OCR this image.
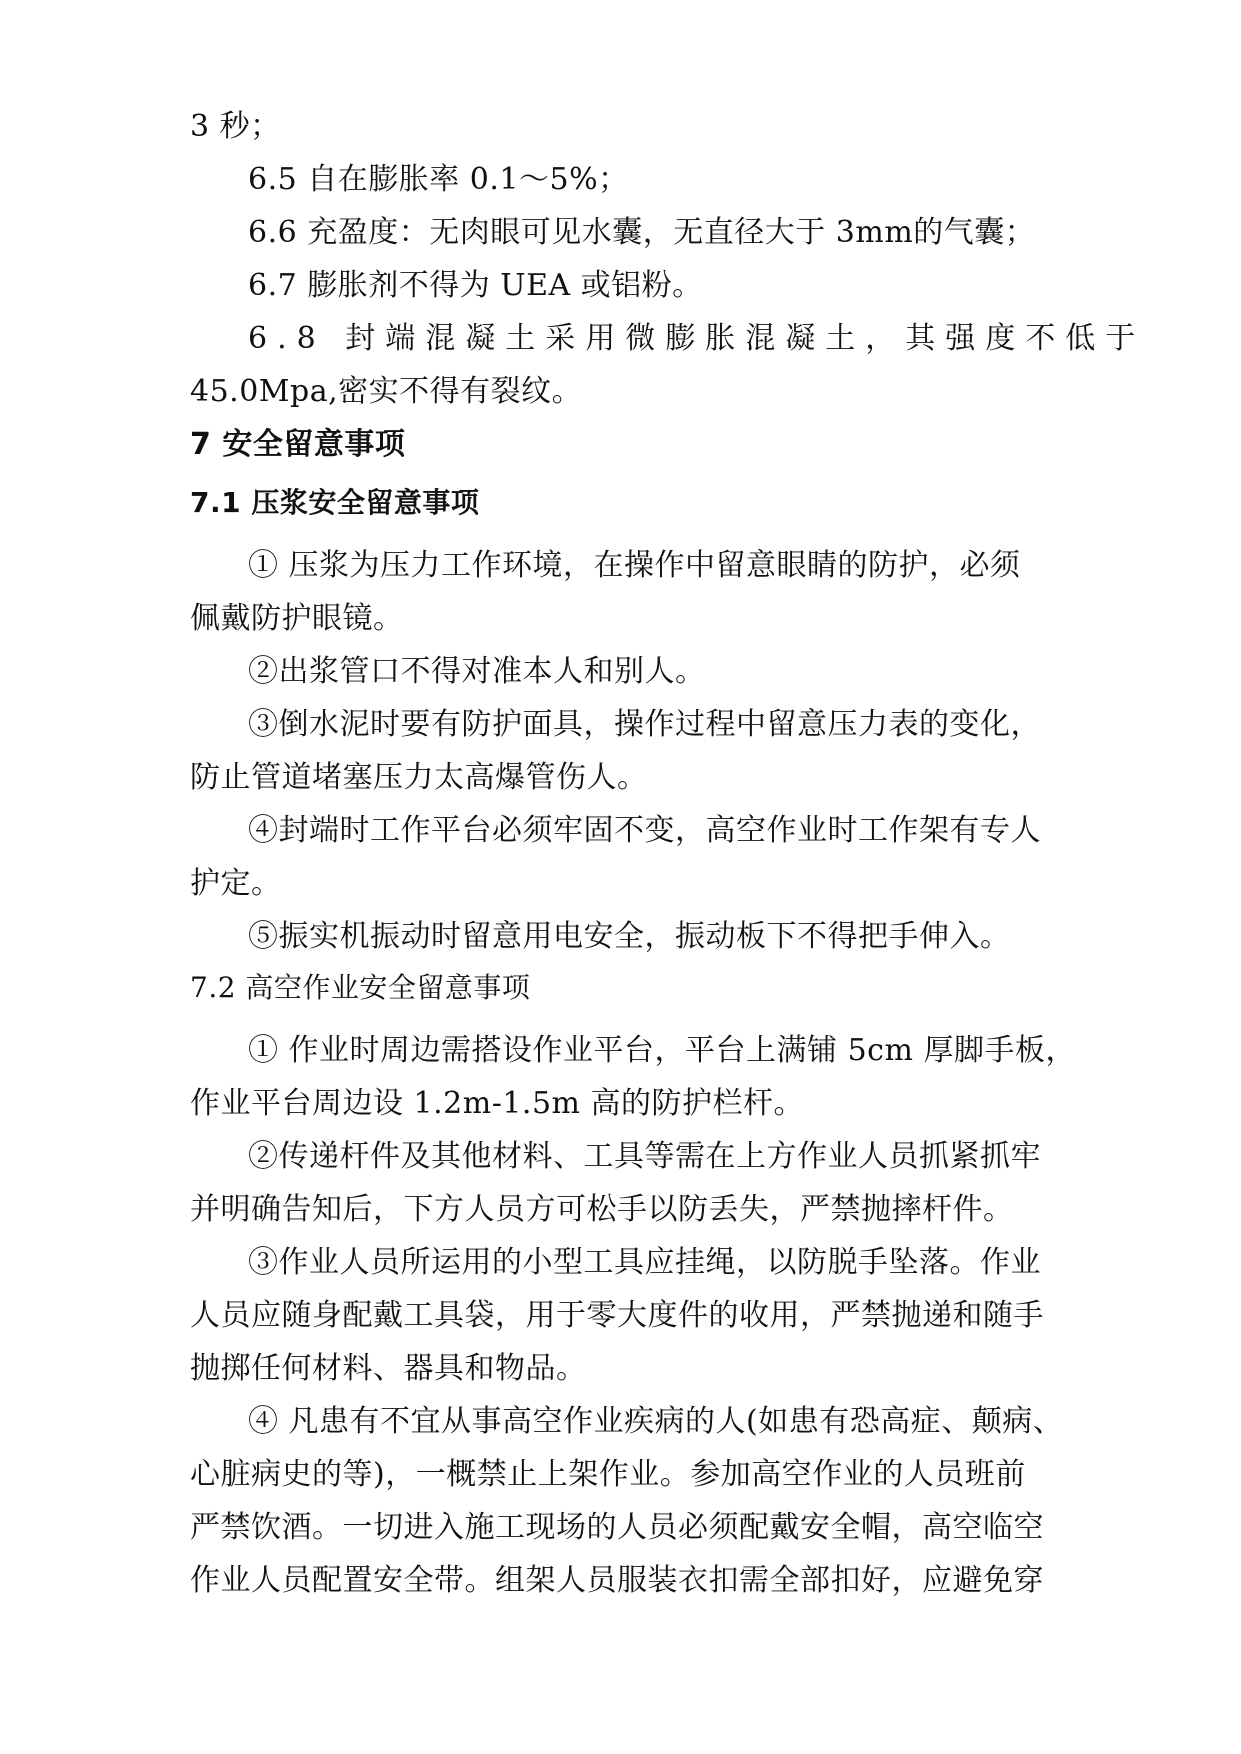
3 秒；
6.5 自在膨胀率 0.1～5%；
6.6 充盈度：无肉眼可见水囊，无直径大于 3mm的气囊；
6.7 膨胀剂不得为 UEA 或铝粉。
6.8 封端混凝土采用微膨胀混凝土，其强度不低于
45.0Mpa,密实不得有裂纹。
7 安全留意事项
7.1 压浆安全留意事项
① 压浆为压力工作环境，在操作中留意眼睛的防护，必须
佩戴防护眼镜。
②出浆管口不得对准本人和别人。
③倒水泥时要有防护面具，操作过程中留意压力表的变化，
防止管道堵塞压力太高爆管伤人。
④封端时工作平台必须牢固不变，高空作业时工作架有专人
护定。
⑤振实机振动时留意用电安全，振动板下不得把手伸入。
7.2 高空作业安全留意事项
① 作业时周边需搭设作业平台，平台上满铺 5cm 厚脚手板，
作业平台周边设 1.2m-1.5m 高的防护栏杆。
②传递杆件及其他材料、工具等需在上方作业人员抓紧抓牢
并明确告知后，下方人员方可松手以防丢失，严禁抛摔杆件。
③作业人员所运用的小型工具应挂绳，以防脱手坠落。作业
人员应随身配戴工具袋，用于零大度件的收用，严禁抛递和随手
抛掷任何材料、器具和物品。
④ 凡患有不宜从事高空作业疾病的人(如患有恐高症、颠病、
心脏病史的等)，一概禁止上架作业。参加高空作业的人员班前
严禁饮酒。一切进入施工现场的人员必须配戴安全帽，高空临空
作业人员配置安全带。组架人员服装衣扣需全部扣好，应避免穿
